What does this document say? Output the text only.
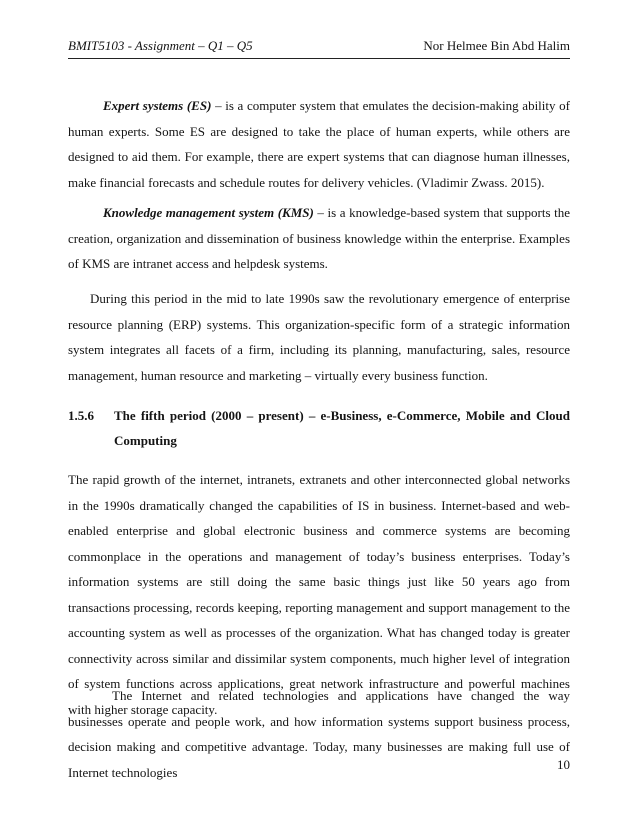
BMIT5103 - Assignment – Q1 – Q5	Nor Helmee Bin Abd Halim

Expert systems (ES) – is a computer system that emulates the decision-making ability of human experts. Some ES are designed to take the place of human experts, while others are designed to aid them. For example, there are expert systems that can diagnose human illnesses, make financial forecasts and schedule routes for delivery vehicles. (Vladimir Zwass. 2015).

Knowledge management system (KMS) – is a knowledge-based system that supports the creation, organization and dissemination of business knowledge within the enterprise. Examples of KMS are intranet access and helpdesk systems.

During this period in the mid to late 1990s saw the revolutionary emergence of enterprise resource planning (ERP) systems. This organization-specific form of a strategic information system integrates all facets of a firm, including its planning, manufacturing, sales, resource management, human resource and marketing – virtually every business function.

1.5.6	The fifth period (2000 – present) – e-Business, e-Commerce, Mobile and Cloud Computing

The rapid growth of the internet, intranets, extranets and other interconnected global networks in the 1990s dramatically changed the capabilities of IS in business. Internet-based and web-enabled enterprise and global electronic business and commerce systems are becoming commonplace in the operations and management of today’s business enterprises. Today’s information systems are still doing the same basic things just like 50 years ago from transactions processing, records keeping, reporting management and support management to the accounting system as well as processes of the organization. What has changed today is greater connectivity across similar and dissimilar system components, much higher level of integration of system functions across applications, great network infrastructure and powerful machines with higher storage capacity.

The Internet and related technologies and applications have changed the way businesses operate and people work, and how information systems support business process, decision making and competitive advantage. Today, many businesses are making full use of Internet technologies	10
